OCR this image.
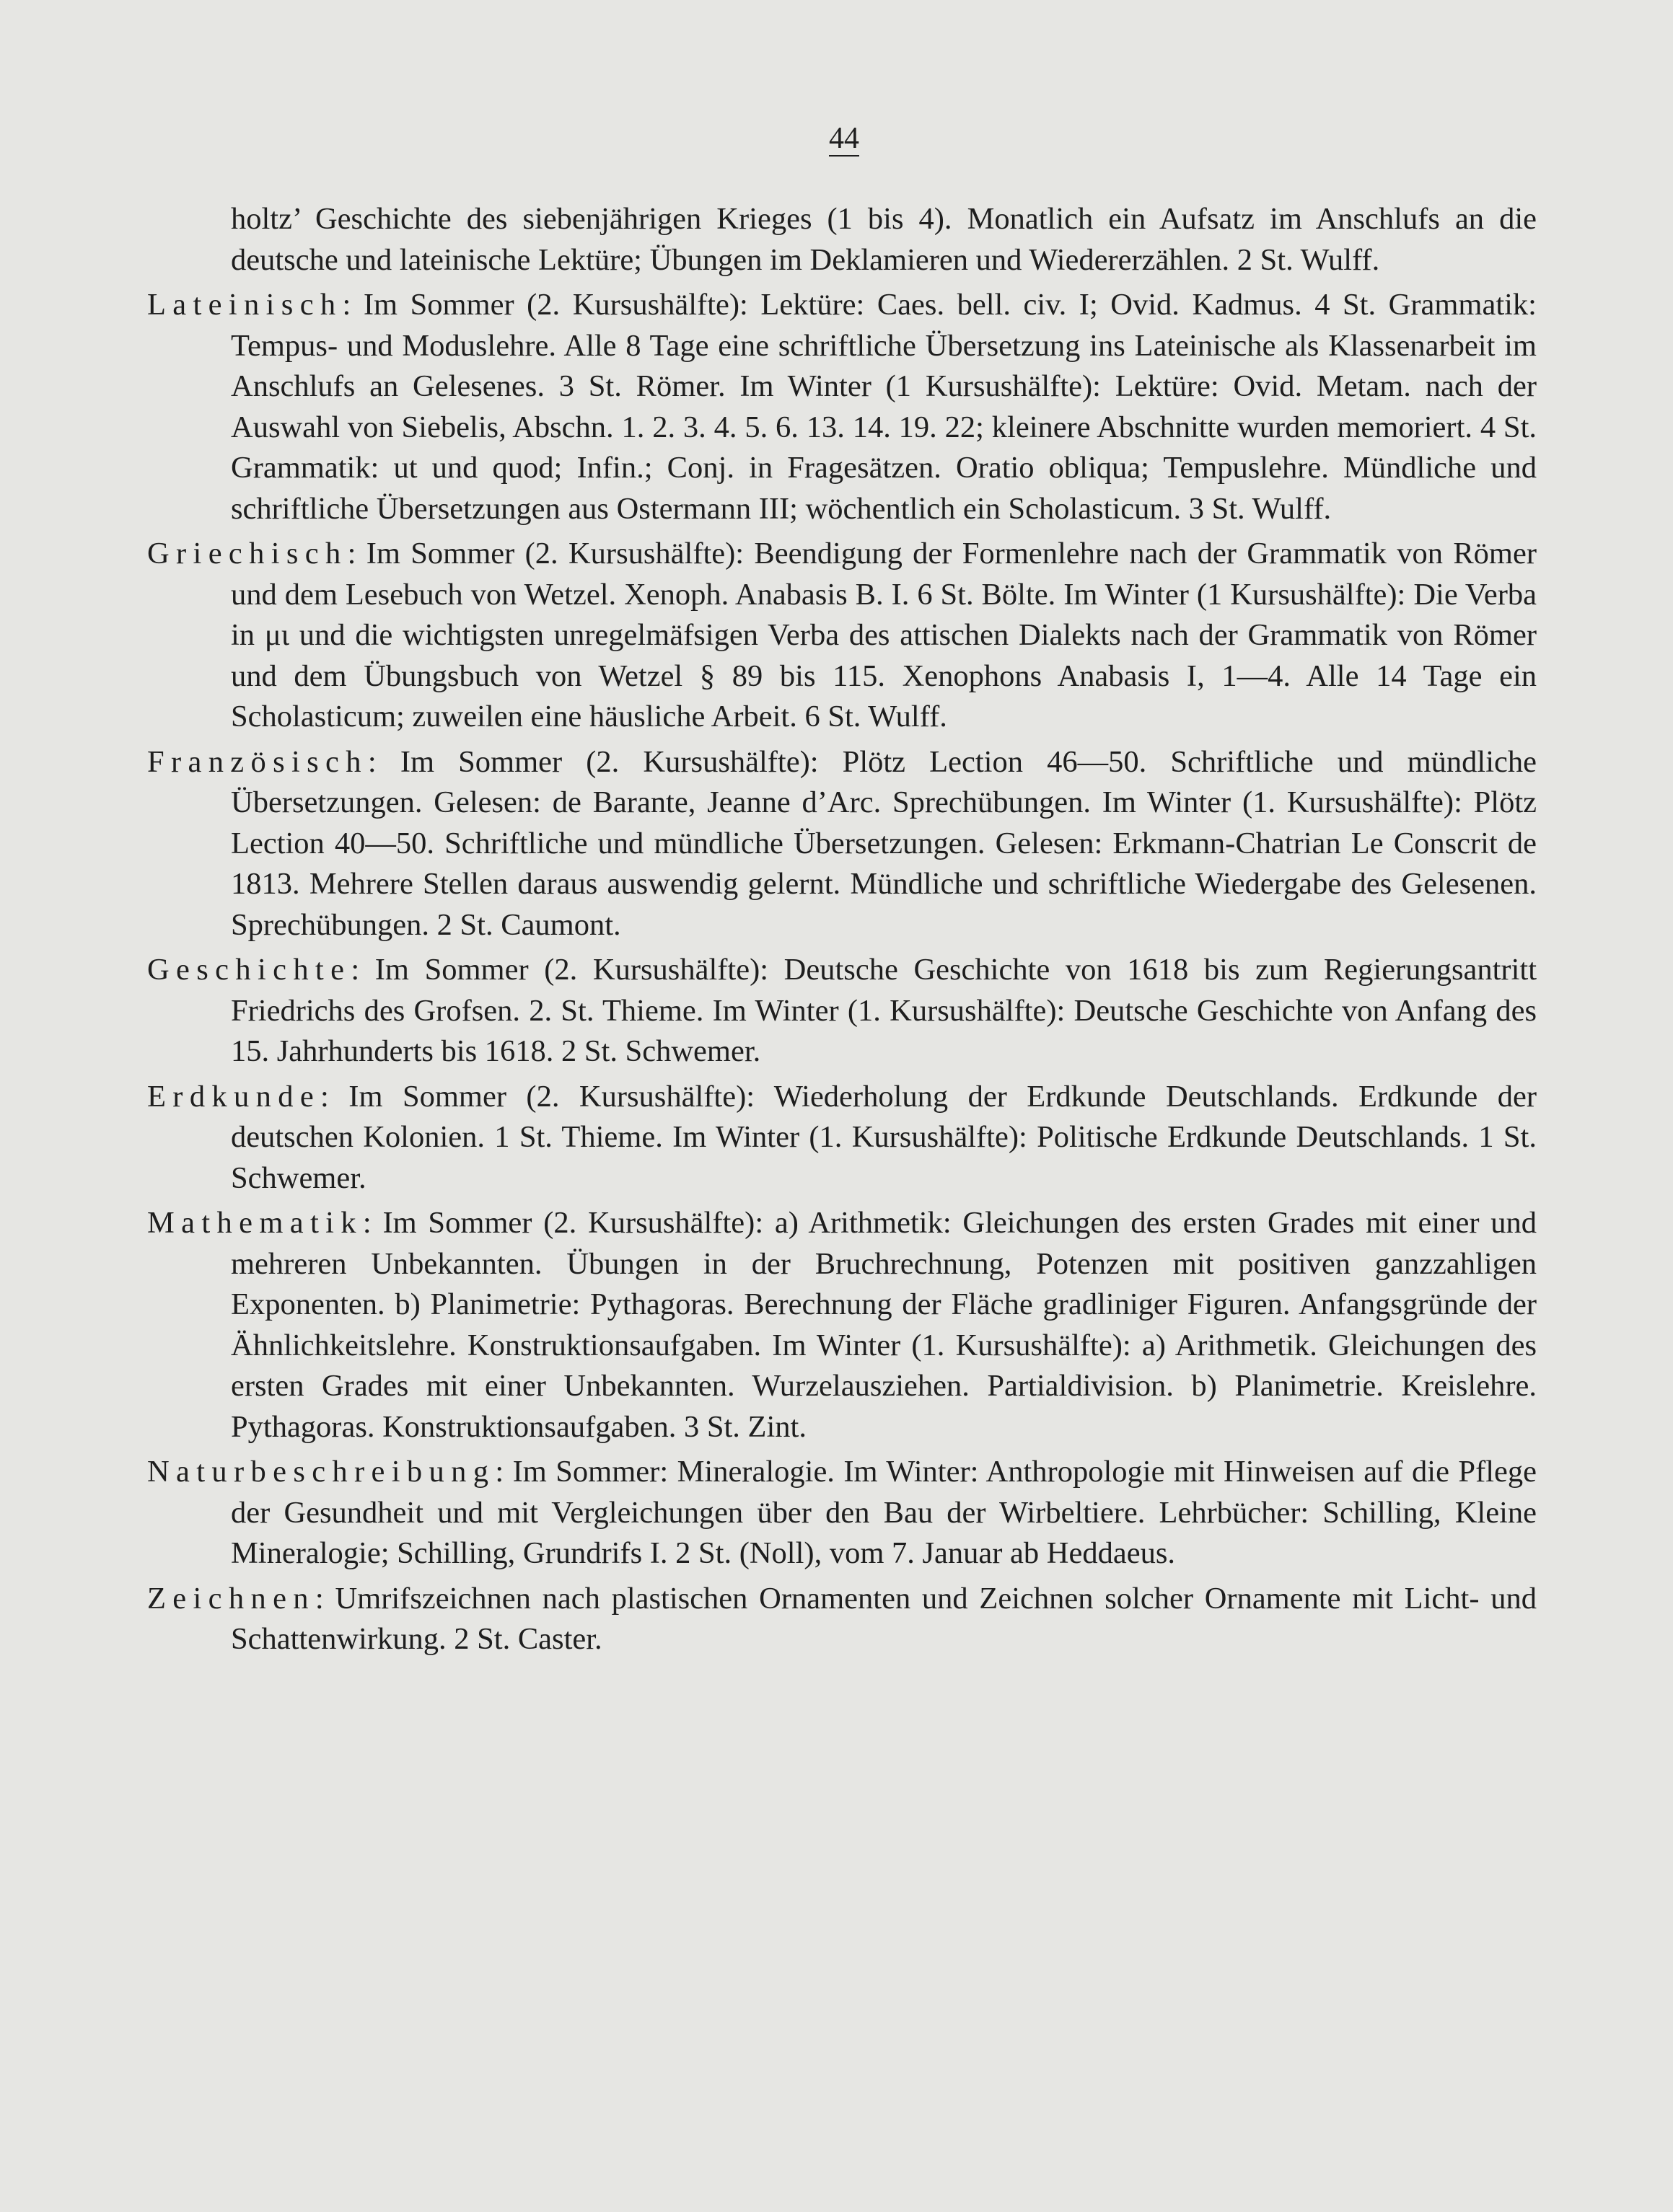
44

holtz’ Geschichte des siebenjährigen Krieges (1 bis 4). Monatlich ein Aufsatz im Anschlufs an die deutsche und lateinische Lektüre; Übungen im Deklamieren und Wiedererzählen. 2 St. Wulff.

Lateinisch: Im Sommer (2. Kursushälfte): Lektüre: Caes. bell. civ. I; Ovid. Kadmus. 4 St. Grammatik: Tempus- und Moduslehre. Alle 8 Tage eine schriftliche Übersetzung ins Lateinische als Klassenarbeit im Anschlufs an Gelesenes. 3 St. Römer. Im Winter (1 Kursushälfte): Lektüre: Ovid. Metam. nach der Auswahl von Siebelis, Abschn. 1. 2. 3. 4. 5. 6. 13. 14. 19. 22; kleinere Abschnitte wurden memoriert. 4 St. Grammatik: ut und quod; Infin.; Conj. in Fragesätzen. Oratio obliqua; Tempuslehre. Mündliche und schriftliche Übersetzungen aus Ostermann III; wöchentlich ein Scholasticum. 3 St. Wulff.

Griechisch: Im Sommer (2. Kursushälfte): Beendigung der Formenlehre nach der Grammatik von Römer und dem Lesebuch von Wetzel. Xenoph. Anabasis B. I. 6 St. Bölte. Im Winter (1 Kursushälfte): Die Verba in μι und die wichtigsten unregelmäfsigen Verba des attischen Dialekts nach der Grammatik von Römer und dem Übungsbuch von Wetzel § 89 bis 115. Xenophons Anabasis I, 1—4. Alle 14 Tage ein Scholasticum; zuweilen eine häusliche Arbeit. 6 St. Wulff.

Französisch: Im Sommer (2. Kursushälfte): Plötz Lection 46—50. Schriftliche und mündliche Übersetzungen. Gelesen: de Barante, Jeanne d’Arc. Sprechübungen. Im Winter (1. Kursushälfte): Plötz Lection 40—50. Schriftliche und mündliche Übersetzungen. Gelesen: Erkmann-Chatrian Le Conscrit de 1813. Mehrere Stellen daraus auswendig gelernt. Mündliche und schriftliche Wiedergabe des Gelesenen. Sprechübungen. 2 St. Caumont.

Geschichte: Im Sommer (2. Kursushälfte): Deutsche Geschichte von 1618 bis zum Regierungsantritt Friedrichs des Grofsen. 2. St. Thieme. Im Winter (1. Kursushälfte): Deutsche Geschichte von Anfang des 15. Jahrhunderts bis 1618. 2 St. Schwemer.

Erdkunde: Im Sommer (2. Kursushälfte): Wiederholung der Erdkunde Deutschlands. Erdkunde der deutschen Kolonien. 1 St. Thieme. Im Winter (1. Kursushälfte): Politische Erdkunde Deutschlands. 1 St. Schwemer.

Mathematik: Im Sommer (2. Kursushälfte): a) Arithmetik: Gleichungen des ersten Grades mit einer und mehreren Unbekannten. Übungen in der Bruchrechnung, Potenzen mit positiven ganzzahligen Exponenten. b) Planimetrie: Pythagoras. Berechnung der Fläche gradliniger Figuren. Anfangsgründe der Ähnlichkeitslehre. Konstruktionsaufgaben. Im Winter (1. Kursushälfte): a) Arithmetik. Gleichungen des ersten Grades mit einer Unbekannten. Wurzelausziehen. Partialdivision. b) Planimetrie. Kreislehre. Pythagoras. Konstruktionsaufgaben. 3 St. Zint.

Naturbeschreibung: Im Sommer: Mineralogie. Im Winter: Anthropologie mit Hinweisen auf die Pflege der Gesundheit und mit Vergleichungen über den Bau der Wirbeltiere. Lehrbücher: Schilling, Kleine Mineralogie; Schilling, Grundrifs I. 2 St. (Noll), vom 7. Januar ab Heddaeus.

Zeichnen: Umrifszeichnen nach plastischen Ornamenten und Zeichnen solcher Ornamente mit Licht- und Schattenwirkung. 2 St. Caster.
